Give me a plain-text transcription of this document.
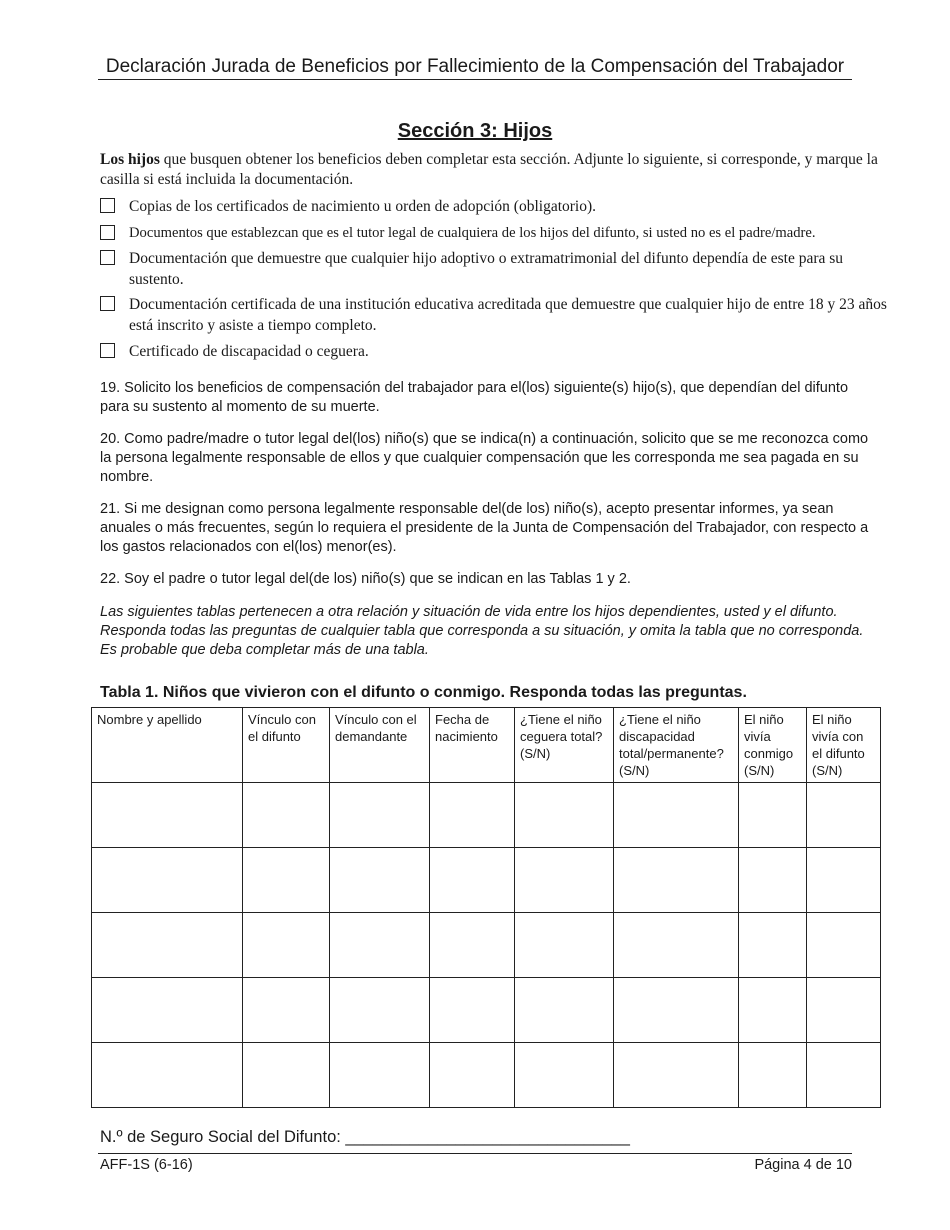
Declaración Jurada de Beneficios por Fallecimiento de la Compensación del Trabajador
Sección 3: Hijos
Los hijos que busquen obtener los beneficios deben completar esta sección. Adjunte lo siguiente, si corresponde, y marque la casilla si está incluida la documentación.
Copias de los certificados de nacimiento u orden de adopción (obligatorio).
Documentos que establezcan que es el tutor legal de cualquiera de los hijos del difunto, si usted no es el padre/madre.
Documentación que demuestre que cualquier hijo adoptivo o extramatrimonial del difunto dependía de este para su sustento.
Documentación certificada de una institución educativa acreditada que demuestre que cualquier hijo de entre 18 y 23 años está inscrito y asiste a tiempo completo.
Certificado de discapacidad o ceguera.
19. Solicito los beneficios de compensación del trabajador para el(los) siguiente(s) hijo(s), que dependían del difunto para su sustento al momento de su muerte.
20. Como padre/madre o tutor legal del(los) niño(s) que se indica(n) a continuación, solicito que se me reconozca como la persona legalmente responsable de ellos y que cualquier compensación que les corresponda me sea pagada en su nombre.
21. Si me designan como persona legalmente responsable del(de los) niño(s), acepto presentar informes, ya sean anuales o más frecuentes, según lo requiera el presidente de la Junta de Compensación del Trabajador, con respecto a los gastos relacionados con el(los) menor(es).
22. Soy el padre o tutor legal del(de los) niño(s) que se indican en las Tablas 1 y 2.
Las siguientes tablas pertenecen a otra relación y situación de vida entre los hijos dependientes, usted y el difunto. Responda todas las preguntas de cualquier tabla que corresponda a su situación, y omita la tabla que no corresponda. Es probable que deba completar más de una tabla.
Tabla 1. Niños que vivieron con el difunto o conmigo. Responda todas las preguntas.
Nombre y apellido	Vínculo con el difunto	Vínculo con el demandante	Fecha de nacimiento	¿Tiene el niño ceguera total? (S/N)	¿Tiene el niño discapacidad total/permanente? (S/N)	El niño vivía conmigo (S/N)	El niño vivía con el difunto (S/N)

N.º de Seguro Social del Difunto: _______________________________
AFF-1S (6-16)	Página 4 de 10
